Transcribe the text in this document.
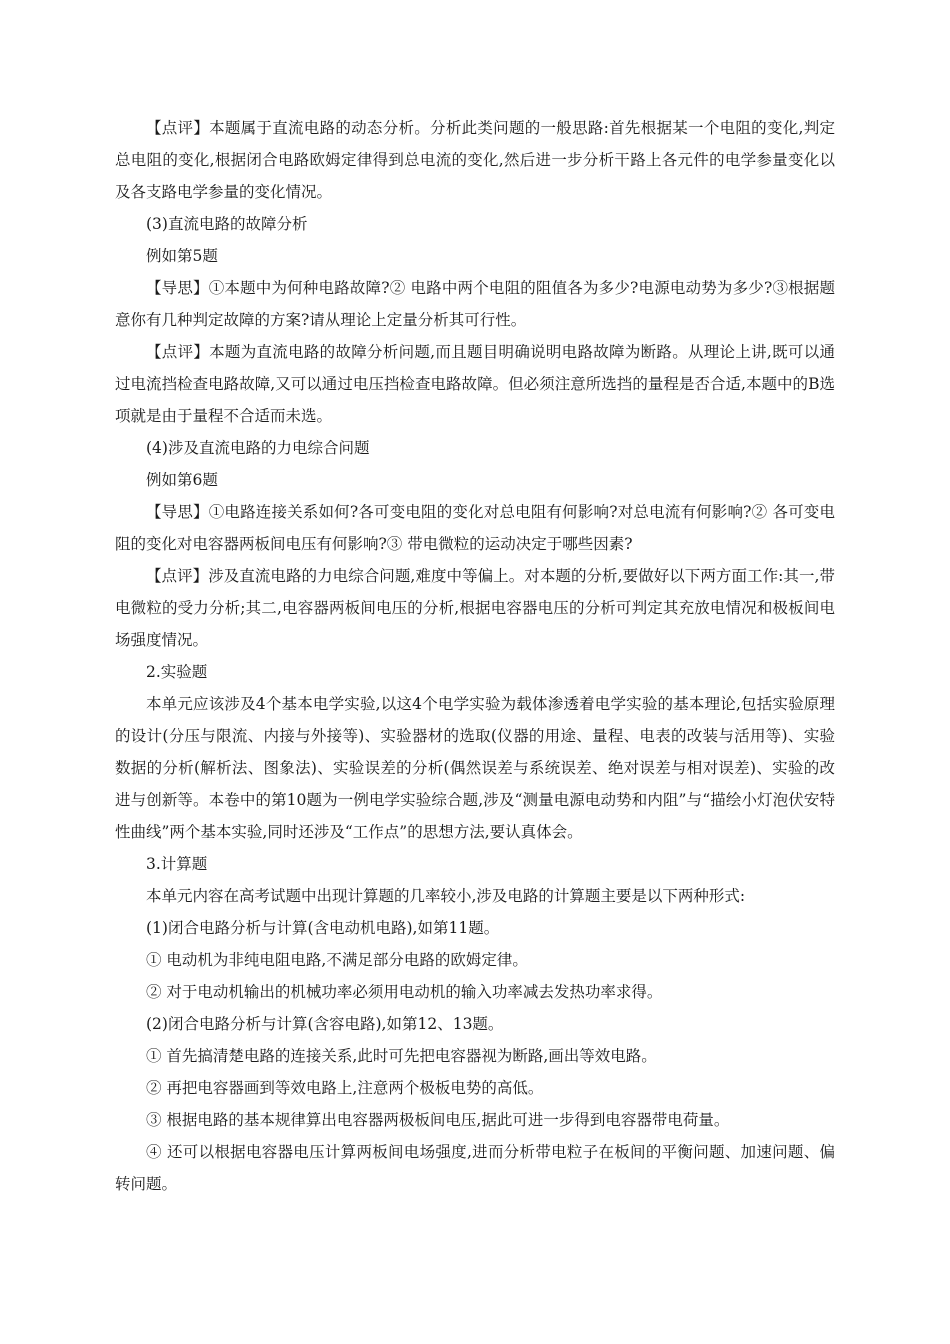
【点评】本题属于直流电路的动态分析。分析此类问题的一般思路:首先根据某一个电阻的变化,判定总电阻的变化,根据闭合电路欧姆定律得到总电流的变化,然后进一步分析干路上各元件的电学参量变化以及各支路电学参量的变化情况。

(3)直流电路的故障分析

例如第5题

【导思】①本题中为何种电路故障?② 电路中两个电阻的阻值各为多少?电源电动势为多少?③根据题意你有几种判定故障的方案?请从理论上定量分析其可行性。

【点评】本题为直流电路的故障分析问题,而且题目明确说明电路故障为断路。从理论上讲,既可以通过电流挡检查电路故障,又可以通过电压挡检查电路故障。但必须注意所选挡的量程是否合适,本题中的B选项就是由于量程不合适而未选。

(4)涉及直流电路的力电综合问题

例如第6题

【导思】①电路连接关系如何?各可变电阻的变化对总电阻有何影响?对总电流有何影响?② 各可变电阻的变化对电容器两板间电压有何影响?③ 带电微粒的运动决定于哪些因素?

【点评】涉及直流电路的力电综合问题,难度中等偏上。对本题的分析,要做好以下两方面工作:其一,带电微粒的受力分析;其二,电容器两板间电压的分析,根据电容器电压的分析可判定其充放电情况和极板间电场强度情况。

2.实验题

本单元应该涉及4个基本电学实验,以这4个电学实验为载体渗透着电学实验的基本理论,包括实验原理的设计(分压与限流、内接与外接等)、实验器材的选取(仪器的用途、量程、电表的改装与活用等)、实验数据的分析(解析法、图象法)、实验误差的分析(偶然误差与系统误差、绝对误差与相对误差)、实验的改进与创新等。本卷中的第10题为一例电学实验综合题,涉及“测量电源电动势和内阻”与“描绘小灯泡伏安特性曲线”两个基本实验,同时还涉及“工作点”的思想方法,要认真体会。

3.计算题

本单元内容在高考试题中出现计算题的几率较小,涉及电路的计算题主要是以下两种形式:

(1)闭合电路分析与计算(含电动机电路),如第11题。

① 电动机为非纯电阻电路,不满足部分电路的欧姆定律。

② 对于电动机输出的机械功率必须用电动机的输入功率减去发热功率求得。

(2)闭合电路分析与计算(含容电路),如第12、13题。

① 首先搞清楚电路的连接关系,此时可先把电容器视为断路,画出等效电路。

② 再把电容器画到等效电路上,注意两个极板电势的高低。

③ 根据电路的基本规律算出电容器两极板间电压,据此可进一步得到电容器带电荷量。

④ 还可以根据电容器电压计算两板间电场强度,进而分析带电粒子在板间的平衡问题、加速问题、偏转问题。
